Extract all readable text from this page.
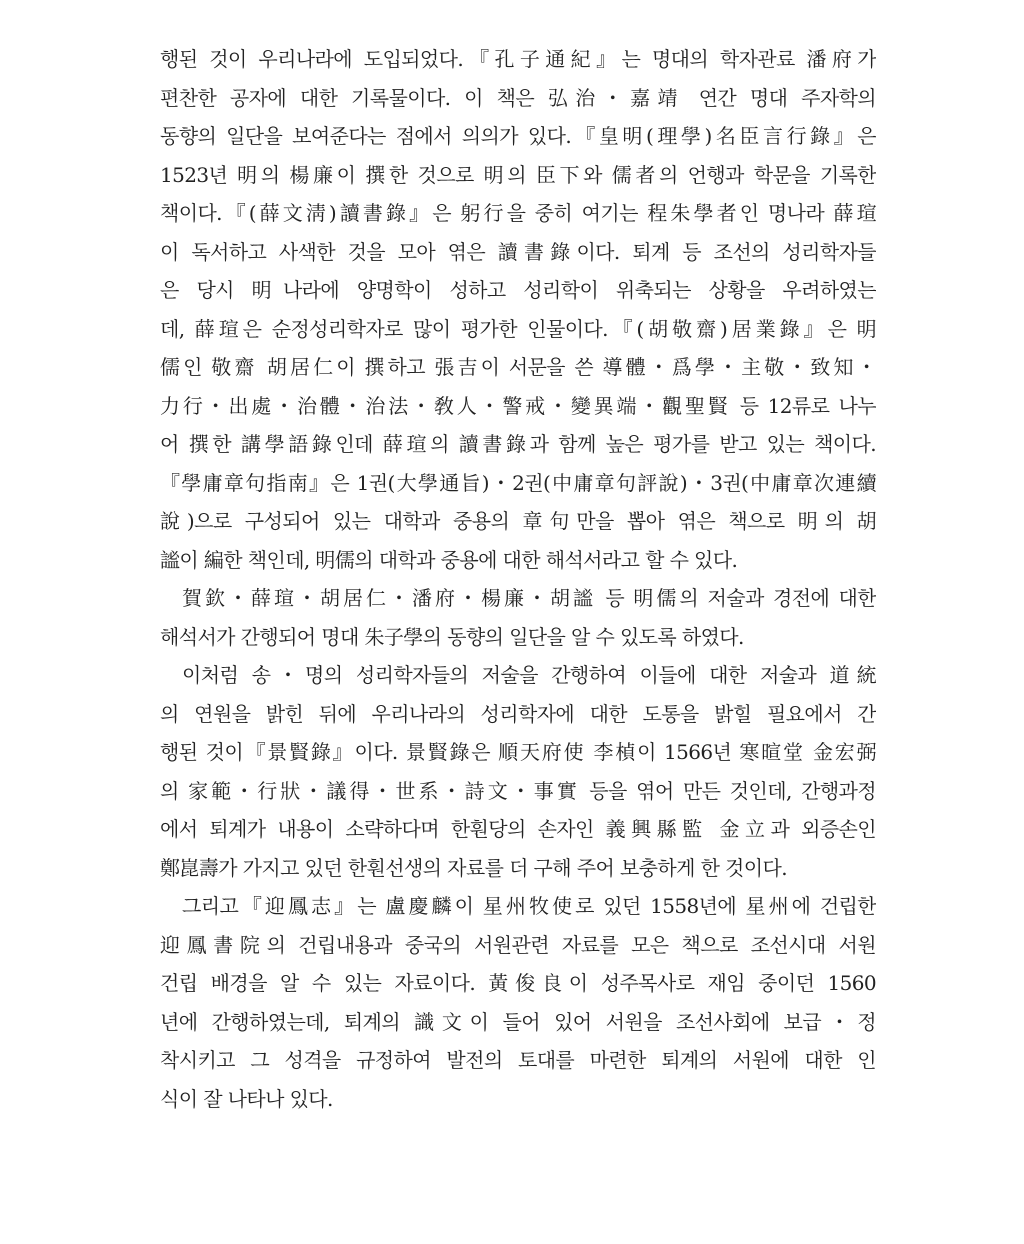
행된 것이 우리나라에 도입되었다.『孔子通紀』는 명대의 학자관료 潘府가
편찬한 공자에 대한 기록물이다. 이 책은 弘治・嘉靖 연간 명대 주자학의
동향의 일단을 보여준다는 점에서 의의가 있다.『皇明(理學)名臣言行錄』은
1523년 明의 楊廉이 撰한 것으로 明의 臣下와 儒者의 언행과 학문을 기록한
책이다.『(薛文淸)讀書錄』은 躬行을 중히 여기는 程朱學者인 명나라 薛瑄
이 독서하고 사색한 것을 모아 엮은 讀書錄이다. 퇴계 등 조선의 성리학자들
은 당시 明나라에 양명학이 성하고 성리학이 위축되는 상황을 우려하였는
데, 薛瑄은 순정성리학자로 많이 평가한 인물이다.『(胡敬齋)居業錄』은 明
儒인 敬齋 胡居仁이 撰하고 張吉이 서문을 쓴 導體・爲學・主敬・致知・
力行・出處・治體・治法・敎人・警戒・變異端・觀聖賢 등 12류로 나누
어 撰한 講學語錄인데 薛瑄의 讀書錄과 함께 높은 평가를 받고 있는 책이다.
『學庸章句指南』은 1권(大學通旨)・2권(中庸章句評說)・3권(中庸章次連續
說)으로 구성되어 있는 대학과 중용의 章句만을 뽑아 엮은 책으로 明의 胡
謐이 編한 책인데, 明儒의 대학과 중용에 대한 해석서라고 할 수 있다.
賀欽・薛瑄・胡居仁・潘府・楊廉・胡謐 등 明儒의 저술과 경전에 대한
해석서가 간행되어 명대 朱子學의 동향의 일단을 알 수 있도록 하였다.
이처럼 송・명의 성리학자들의 저술을 간행하여 이들에 대한 저술과 道統
의 연원을 밝힌 뒤에 우리나라의 성리학자에 대한 도통을 밝힐 필요에서 간
행된 것이『景賢錄』이다. 景賢錄은 順天府使 李楨이 1566년 寒暄堂 金宏弼
의 家範・行狀・議得・世系・詩文・事實 등을 엮어 만든 것인데, 간행과정
에서 퇴계가 내용이 소략하다며 한훤당의 손자인 義興縣監 金立과 외증손인
鄭崑壽가 가지고 있던 한훤선생의 자료를 더 구해 주어 보충하게 한 것이다.
그리고『迎鳳志』는 盧慶麟이 星州牧使로 있던 1558년에 星州에 건립한
迎鳳書院의 건립내용과 중국의 서원관련 자료를 모은 책으로 조선시대 서원
건립 배경을 알 수 있는 자료이다. 黃俊良이 성주목사로 재임 중이던 1560
년에 간행하였는데, 퇴계의 識文이 들어 있어 서원을 조선사회에 보급・정
착시키고 그 성격을 규정하여 발전의 토대를 마련한 퇴계의 서원에 대한 인
식이 잘 나타나 있다.
